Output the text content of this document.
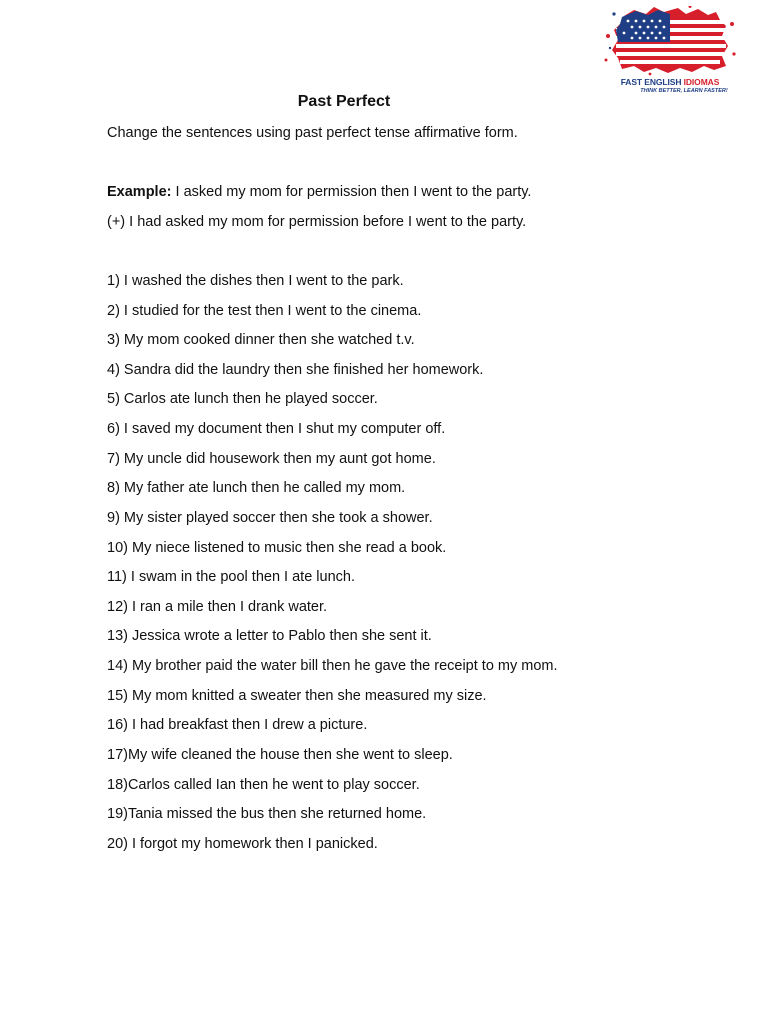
FAST ENGLISH IDIOMAS
THINK BETTER, LEARN FASTER!
Past Perfect
Change the sentences using past perfect tense affirmative form.
Example: I asked my mom for permission then I went to the party.
(+) I had asked my mom for permission before I went to the party.
1) I washed the dishes then I went to the park.
2) I studied for the test then I went to the cinema.
3) My mom cooked dinner then she watched t.v.
4) Sandra did the laundry then she finished her homework.
5) Carlos ate lunch then he played soccer.
6) I saved my document then I shut my computer off.
7) My uncle did housework then my aunt got home.
8) My father ate lunch then he called my mom.
9) My sister played soccer then she took a shower.
10) My niece listened to music then she read a book.
11) I swam in the pool then I ate lunch.
12) I ran a mile then I drank water.
13) Jessica wrote a letter to Pablo then she sent it.
14) My brother paid the water bill then he gave the receipt to my mom.
15) My mom knitted a sweater then she measured my size.
16) I had breakfast then I drew a picture.
17)My wife cleaned the house then she went to sleep.
18)Carlos called Ian then he went to play soccer.
19)Tania missed the bus then she returned home.
20) I forgot my homework then I panicked.
